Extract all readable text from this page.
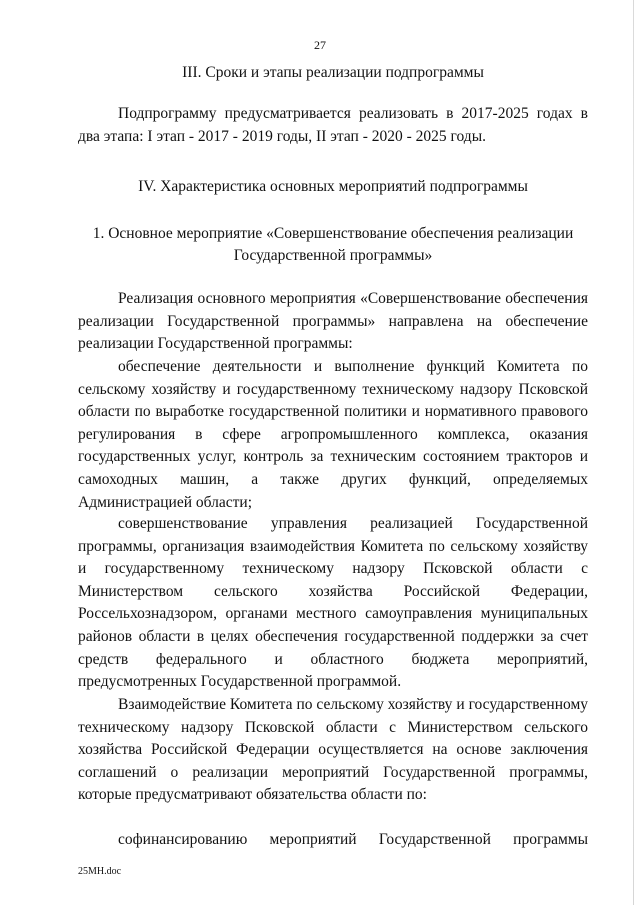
27
III. Сроки и этапы реализации подпрограммы

Подпрограмму предусматривается реализовать в 2017-2025 годах в два этапа: I этап - 2017 - 2019 годы, II этап - 2020 - 2025 годы.

IV. Характеристика основных мероприятий подпрограммы
1. Основное мероприятие «Совершенствование обеспечения реализации Государственной программы»

Реализация основного мероприятия «Совершенствование обеспечения реализации Государственной программы» направлена на обеспечение реализации Государственной программы:

обеспечение деятельности и выполнение функций Комитета по сельскому хозяйству и государственному техническому надзору Псковской области по выработке государственной политики и нормативного правового регулирования в сфере агропромышленного комплекса, оказания государственных услуг, контроль за техническим состоянием тракторов и самоходных машин, а также других функций, определяемых Администрацией области;

совершенствование управления реализацией Государственной программы, организация взаимодействия Комитета по сельскому хозяйству и государственному техническому надзору Псковской области с Министерством сельского хозяйства Российской Федерации, Россельхознадзором, органами местного самоуправления муниципальных районов области в целях обеспечения государственной поддержки за счет средств федерального и областного бюджета мероприятий, предусмотренных Государственной программой.

Взаимодействие Комитета по сельскому хозяйству и государственному техническому надзору Псковской области с Министерством сельского хозяйства Российской Федерации осуществляется на основе заключения соглашений о реализации мероприятий Государственной программы, которые предусматривают обязательства области по:

софинансированию мероприятий Государственной программы

25МН.doc
